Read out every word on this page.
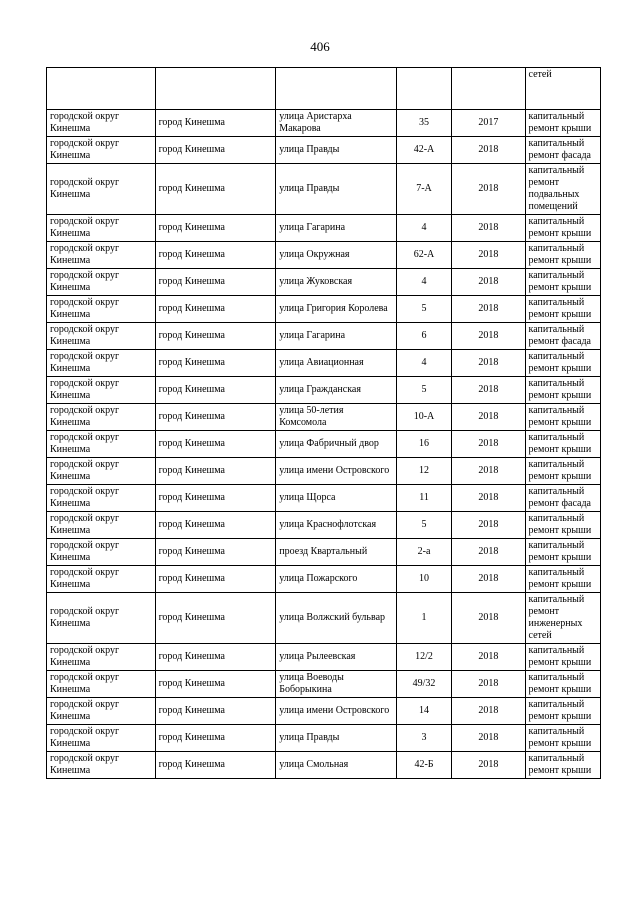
406
					сетей
городской округ Кинешма	город Кинешма	улица Аристарха Макарова	35	2017	капитальный ремонт крыши
городской округ Кинешма	город Кинешма	улица Правды	42-А	2018	капитальный ремонт фасада
городской округ Кинешма	город Кинешма	улица Правды	7-А	2018	капитальный ремонт подвальных помещений
городской округ Кинешма	город Кинешма	улица Гагарина	4	2018	капитальный ремонт крыши
городской округ Кинешма	город Кинешма	улица Окружная	62-А	2018	капитальный ремонт крыши
городской округ Кинешма	город Кинешма	улица Жуковская	4	2018	капитальный ремонт крыши
городской округ Кинешма	город Кинешма	улица Григория Королева	5	2018	капитальный ремонт крыши
городской округ Кинешма	город Кинешма	улица Гагарина	6	2018	капитальный ремонт фасада
городской округ Кинешма	город Кинешма	улица Авиационная	4	2018	капитальный ремонт крыши
городской округ Кинешма	город Кинешма	улица Гражданская	5	2018	капитальный ремонт крыши
городской округ Кинешма	город Кинешма	улица 50-летия Комсомола	10-А	2018	капитальный ремонт крыши
городской округ Кинешма	город Кинешма	улица Фабричный двор	16	2018	капитальный ремонт крыши
городской округ Кинешма	город Кинешма	улица имени Островского	12	2018	капитальный ремонт крыши
городской округ Кинешма	город Кинешма	улица Щорса	11	2018	капитальный ремонт фасада
городской округ Кинешма	город Кинешма	улица Краснофлотская	5	2018	капитальный ремонт крыши
городской округ Кинешма	город Кинешма	проезд Квартальный	2-а	2018	капитальный ремонт крыши
городской округ Кинешма	город Кинешма	улица Пожарского	10	2018	капитальный ремонт крыши
городской округ Кинешма	город Кинешма	улица Волжский бульвар	1	2018	капитальный ремонт инженерных сетей
городской округ Кинешма	город Кинешма	улица Рылеевская	12/2	2018	капитальный ремонт крыши
городской округ Кинешма	город Кинешма	улица Воеводы Боборыкина	49/32	2018	капитальный ремонт крыши
городской округ Кинешма	город Кинешма	улица имени Островского	14	2018	капитальный ремонт крыши
городской округ Кинешма	город Кинешма	улица Правды	3	2018	капитальный ремонт крыши
городской округ Кинешма	город Кинешма	улица Смольная	42-Б	2018	капитальный ремонт крыши
